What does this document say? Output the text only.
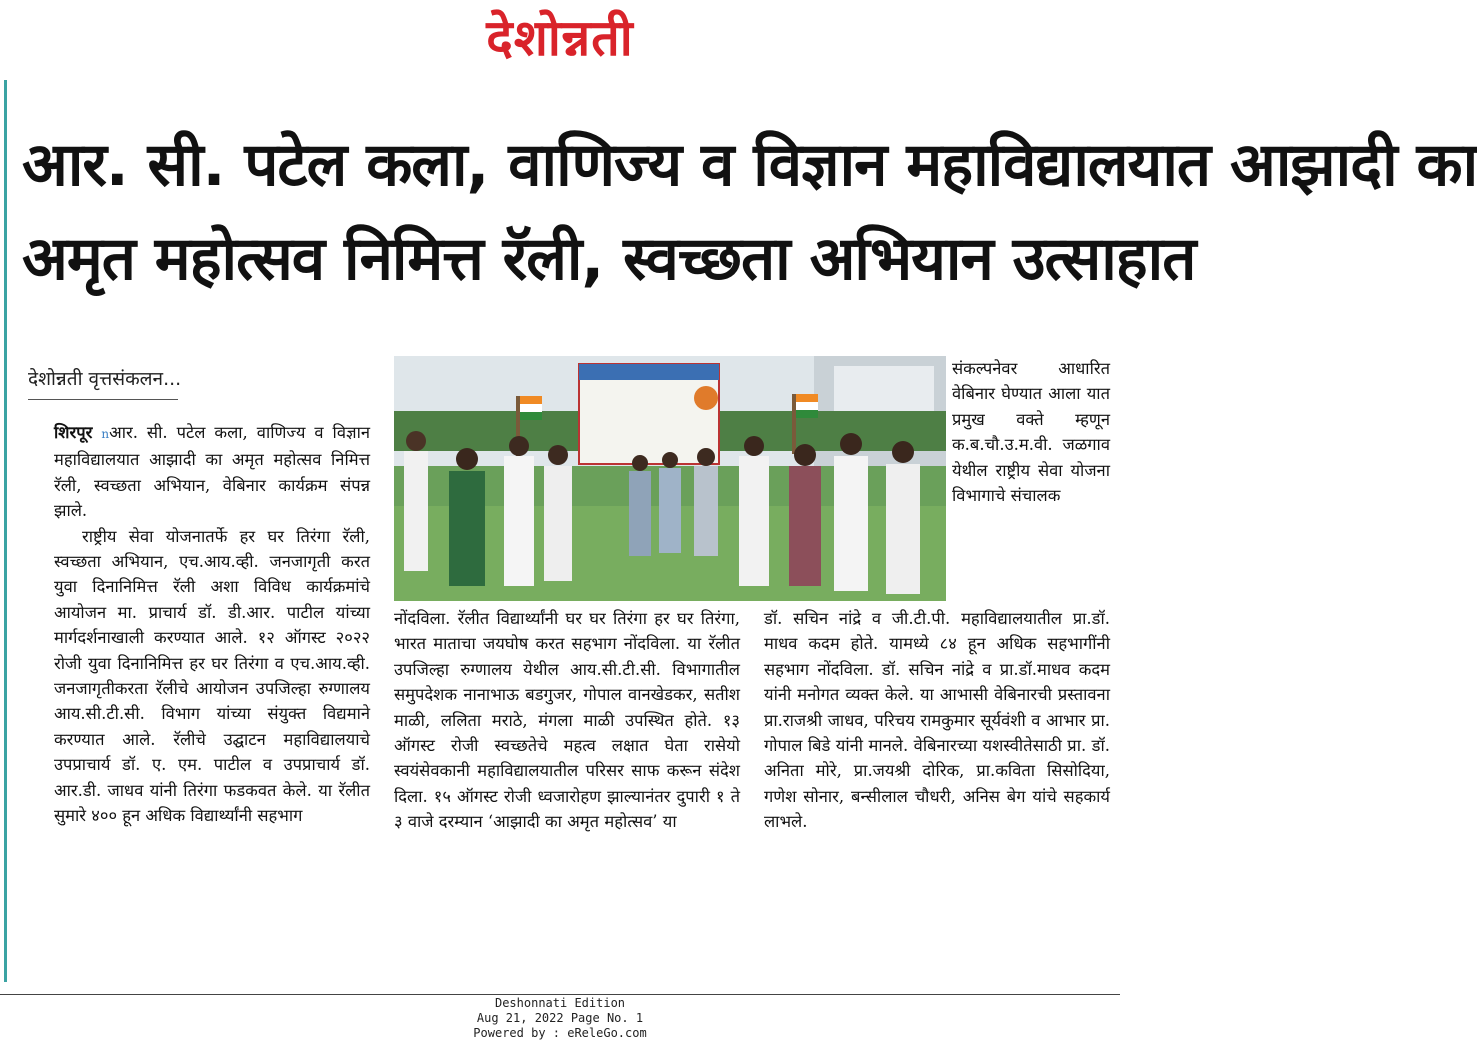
देशोन्नती
आर. सी. पटेल कला, वाणिज्य व विज्ञान महाविद्यालयात आझादी का
अमृत महोत्सव निमित्त रॅली, स्वच्छता अभियान उत्साहात
देशोन्नती वृत्तसंकलन...

शिरपूर nआर. सी. पटेल कला, वाणिज्य व विज्ञान महाविद्यालयात आझादी का अमृत महोत्सव निमित्त रॅली, स्वच्छता अभियान, वेबिनार कार्यक्रम संपन्न झाले.

राष्ट्रीय सेवा योजनातर्फे हर घर तिरंगा रॅली, स्वच्छता अभियान, एच.आय.व्ही. जनजागृती करत युवा दिनानिमित्त रॅली अशा विविध कार्यक्रमांचे आयोजन मा. प्राचार्य डॉ. डी.आर. पाटील यांच्या मार्गदर्शनाखाली करण्यात आले. १२ ऑगस्ट २०२२ रोजी युवा दिनानिमित्त हर घर तिरंगा व एच.आय.व्ही. जनजागृतीकरता रॅलीचे आयोजन उपजिल्हा रुग्णालय आय.सी.टी.सी. विभाग यांच्या संयुक्त विद्यमाने करण्यात आले. रॅलीचे उद्घाटन महाविद्यालयाचे उपप्राचार्य डॉ. ए. एम. पाटील व उपप्राचार्य डॉ. आर.डी. जाधव यांनी तिरंगा फडकवत केले. या रॅलीत सुमारे ४०० हून अधिक विद्यार्थ्यांनी सहभाग

संकल्पनेवर आधारित वेबिनार घेण्यात आला यात प्रमुख वक्ते म्हणून क.ब.चौ.उ.म.वी. जळगाव येथील राष्ट्रीय सेवा योजना विभागाचे संचालक

नोंदविला. रॅलीत विद्यार्थ्यांनी घर घर तिरंगा हर घर तिरंगा, भारत माताचा जयघोष करत सहभाग नोंदविला. या रॅलीत उपजिल्हा रुग्णालय येथील आय.सी.टी.सी. विभागातील समुपदेशक नानाभाऊ बडगुजर, गोपाल वानखेडकर, सतीश माळी, ललिता मराठे, मंगला माळी उपस्थित होते. १३ ऑगस्ट रोजी स्वच्छतेचे महत्व लक्षात घेता रासेयो स्वयंसेवकानी महाविद्यालयातील परिसर साफ करून संदेश दिला. १५ ऑगस्ट रोजी ध्वजारोहण झाल्यानंतर दुपारी १ ते ३ वाजे दरम्यान ‘आझादी का अमृत महोत्सव’ या

डॉ. सचिन नांद्रे व जी.टी.पी. महाविद्यालयातील प्रा.डॉ. माधव कदम होते. यामध्ये ८४ हून अधिक सहभागींनी सहभाग नोंदविला. डॉ. सचिन नांद्रे व प्रा.डॉ.माधव कदम यांनी मनोगत व्यक्त केले. या आभासी वेबिनारची प्रस्तावना प्रा.राजश्री जाधव, परिचय रामकुमार सूर्यवंशी व आभार प्रा. गोपाल बिडे यांनी मानले. वेबिनारच्या यशस्वीतेसाठी प्रा. डॉ. अनिता मोरे, प्रा.जयश्री दोरिक, प्रा.कविता सिसोदिया, गणेश सोनार, बन्सीलाल चौधरी, अनिस बेग यांचे सहकार्य लाभले.

Deshonnati Edition
Aug 21, 2022 Page No. 1
Powered by : eReleGo.com
